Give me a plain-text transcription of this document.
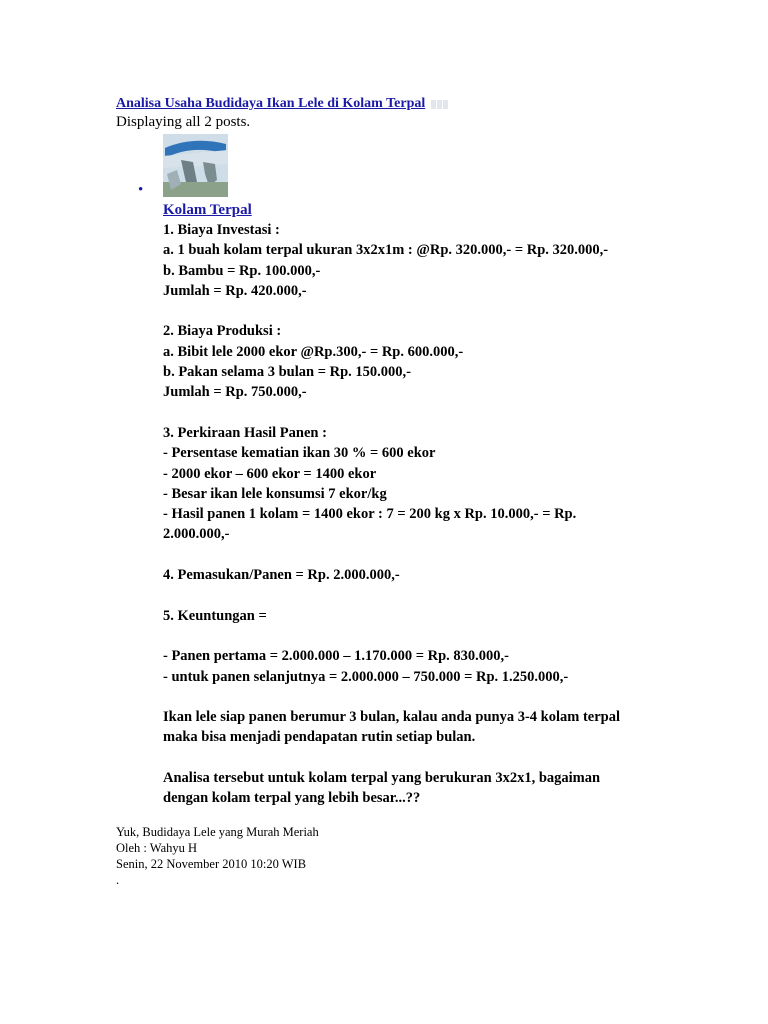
Analisa Usaha Budidaya Ikan Lele di Kolam Terpal
Displaying all 2 posts.
•
Kolam Terpal
1. Biaya Investasi :
a. 1 buah kolam terpal ukuran 3x2x1m : @Rp. 320.000,- = Rp. 320.000,-
b. Bambu = Rp. 100.000,-
Jumlah = Rp. 420.000,-
2. Biaya Produksi :
a. Bibit lele 2000 ekor @Rp.300,- = Rp. 600.000,-
b. Pakan selama 3 bulan = Rp. 150.000,-
Jumlah = Rp. 750.000,-
3. Perkiraan Hasil Panen :
- Persentase kematian ikan 30 % = 600 ekor
- 2000 ekor – 600 ekor = 1400 ekor
- Besar ikan lele konsumsi 7 ekor/kg
- Hasil panen 1 kolam = 1400 ekor : 7 = 200 kg x Rp. 10.000,- = Rp.
2.000.000,-
4. Pemasukan/Panen = Rp. 2.000.000,-
5. Keuntungan =
- Panen pertama = 2.000.000 – 1.170.000 = Rp. 830.000,-
- untuk panen selanjutnya = 2.000.000 – 750.000 = Rp. 1.250.000,-
Ikan lele siap panen berumur 3 bulan, kalau anda punya 3-4 kolam terpal
maka bisa menjadi pendapatan rutin setiap bulan.
Analisa tersebut untuk kolam terpal yang berukuran 3x2x1, bagaiman
dengan kolam terpal yang lebih besar...??
Yuk, Budidaya Lele yang Murah Meriah
Oleh : Wahyu H
Senin, 22 November 2010 10:20 WIB
.
